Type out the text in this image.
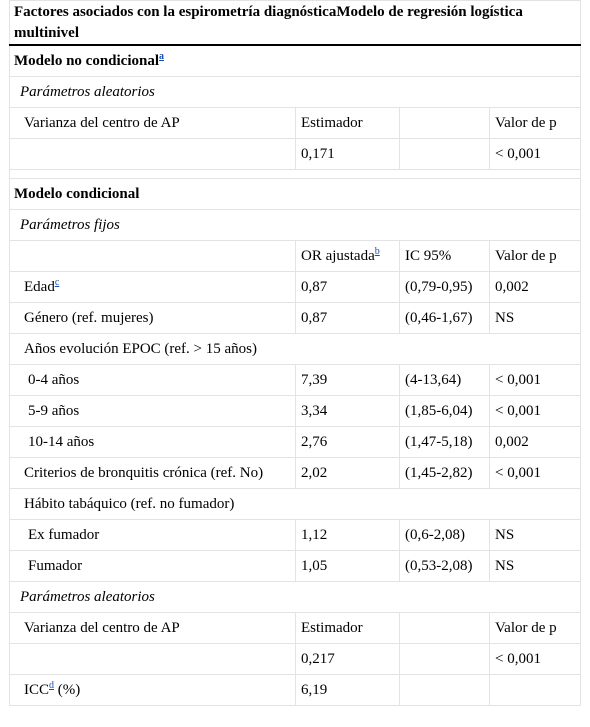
Factores asociados con la espirometría diagnósticaModelo de regresión logística multinivel			
Modelo no condicional$^a$
Parámetros aleatorios			
Varianza del centro de AP	Estimador		Valor de p
	0,171		< 0,001

Modelo condicional			
Parámetros fijos			
	OR ajustada$^b$	IC 95%	Valor de p
Edad$^c$	0,87	(0,79-0,95)	0,002
Género (ref. mujeres)	0,87	(0,46-1,67)	NS
Años evolución EPOC (ref. > 15 años)			
0-4 años	7,39	(4-13,64)	< 0,001
5-9 años	3,34	(1,85-6,04)	< 0,001
10-14 años	2,76	(1,47-5,18)	0,002
Criterios de bronquitis crónica (ref. No)	2,02	(1,45-2,82)	< 0,001
Hábito tabáquico (ref. no fumador)			
Ex fumador	1,12	(0,6-2,08)	NS
Fumador	1,05	(0,53-2,08)	NS
Parámetros aleatorios			
Varianza del centro de AP	Estimador		Valor de p
	0,217		< 0,001
ICC$^d$ (%)	6,19		
